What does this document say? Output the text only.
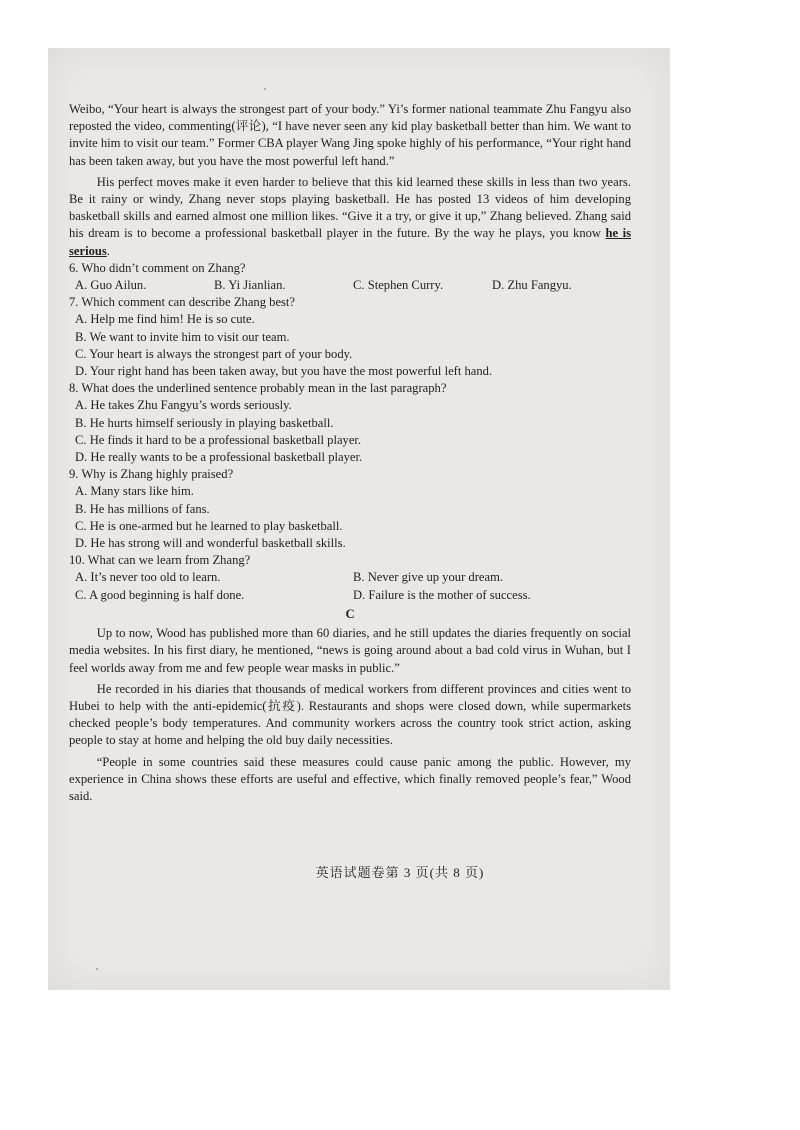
Weibo, “Your heart is always the strongest part of your body.” Yi’s former national teammate Zhu Fangyu also reposted the video, commenting(评论), “I have never seen any kid play basketball better than him. We want to invite him to visit our team.” Former CBA player Wang Jing spoke highly of his performance, “Your right hand has been taken away, but you have the most powerful left hand.”

His perfect moves make it even harder to believe that this kid learned these skills in less than two years. Be it rainy or windy, Zhang never stops playing basketball. He has posted 13 videos of him developing basketball skills and earned almost one million likes. “Give it a try, or give it up,” Zhang believed. Zhang said his dream is to become a professional basketball player in the future. By the way he plays, you know he is serious.

6. Who didn’t comment on Zhang?

A. Guo Ailun.	B. Yi Jianlian.	C. Stephen Curry.	D. Zhu Fangyu.

7. Which comment can describe Zhang best?

A. Help me find him! He is so cute.

B. We want to invite him to visit our team.

C. Your heart is always the strongest part of your body.

D. Your right hand has been taken away, but you have the most powerful left hand.

8. What does the underlined sentence probably mean in the last paragraph?

A. He takes Zhu Fangyu’s words seriously.

B. He hurts himself seriously in playing basketball.

C. He finds it hard to be a professional basketball player.

D. He really wants to be a professional basketball player.

9. Why is Zhang highly praised?

A. Many stars like him.

B. He has millions of fans.

C. He is one-armed but he learned to play basketball.

D. He has strong will and wonderful basketball skills.

10. What can we learn from Zhang?

A. It’s never too old to learn.	B. Never give up your dream.
C. A good beginning is half done.	D. Failure is the mother of success.

C

Up to now, Wood has published more than 60 diaries, and he still updates the diaries frequently on social media websites. In his first diary, he mentioned, “news is going around about a bad cold virus in Wuhan, but I feel worlds away from me and few people wear masks in public.”

He recorded in his diaries that thousands of medical workers from different provinces and cities went to Hubei to help with the anti-epidemic(抗疫). Restaurants and shops were closed down, while supermarkets checked people’s body temperatures. And community workers across the country took strict action, asking people to stay at home and helping the old buy daily necessities.

“People in some countries said these measures could cause panic among the public. However, my experience in China shows these efforts are useful and effective, which finally removed people’s fear,” Wood said.

英语试题卷第 3 页(共 8 页)
